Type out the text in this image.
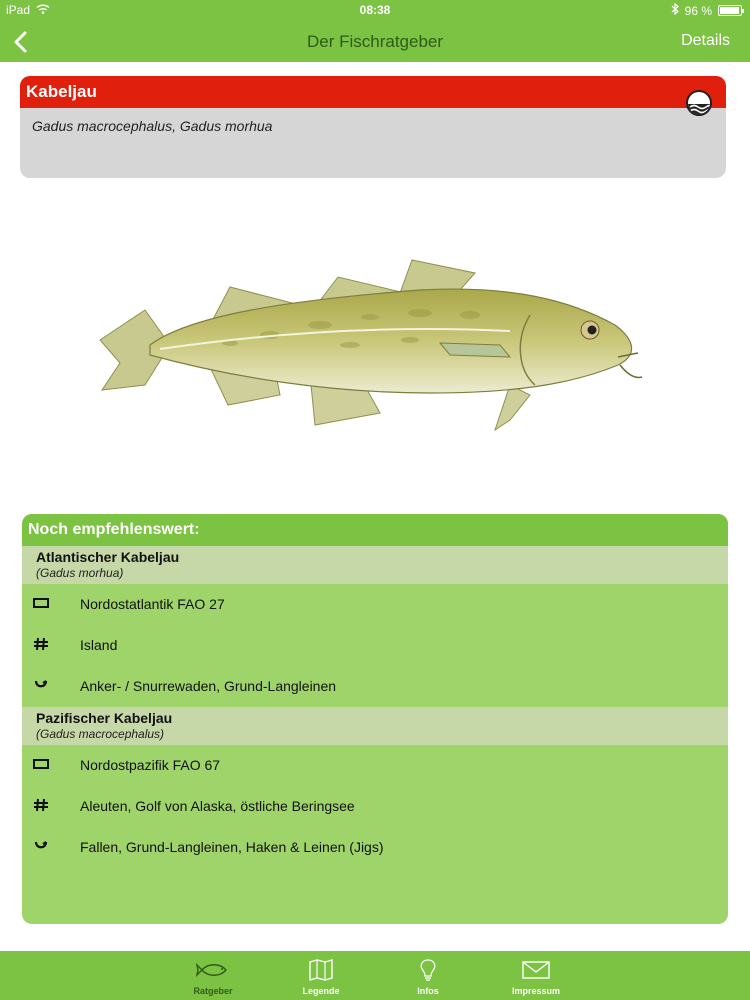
iPad	08:38	96 %
Der Fischratgeber	Details
Kabeljau
Gadus macrocephalus, Gadus morhua
Noch empfehlenswert:
Atlantischer Kabeljau
(Gadus morhua)
Nordostatlantik FAO 27
Island
Anker- / Snurrewaden, Grund-Langleinen
Pazifischer Kabeljau
(Gadus macrocephalus)
Nordostpazifik FAO 67
Aleuten, Golf von Alaska, östliche Beringsee
Fallen, Grund-Langleinen, Haken & Leinen (Jigs)
Ratgeber	Legende	Infos	Impressum
